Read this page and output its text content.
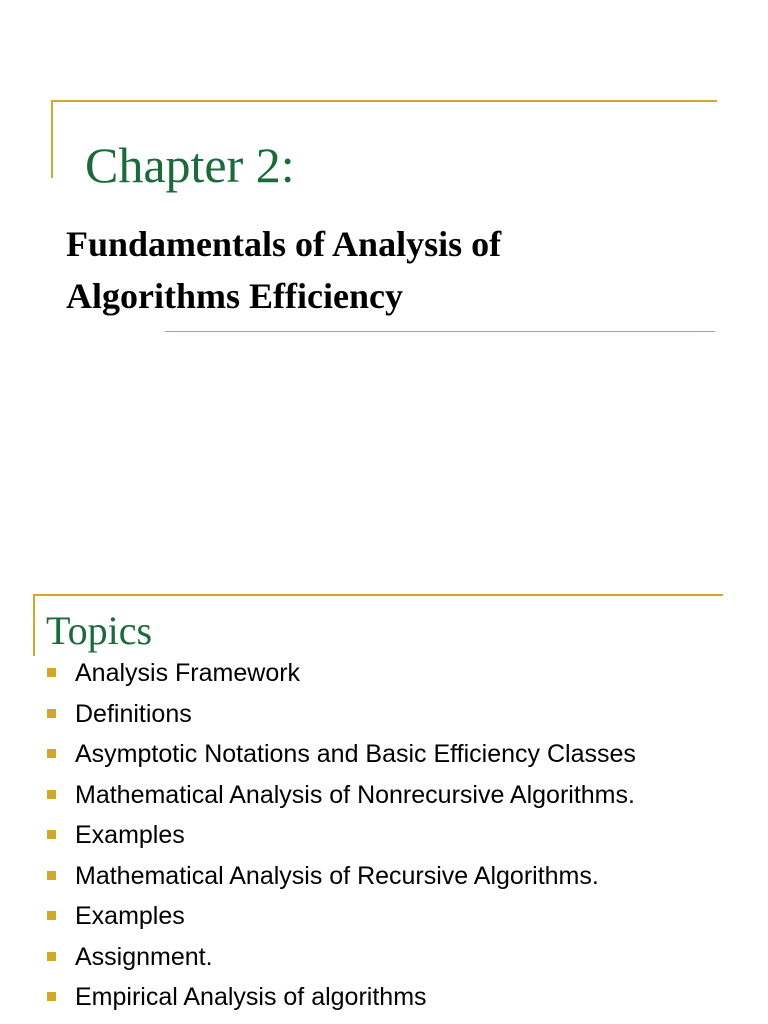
Chapter 2:
Fundamentals of Analysis of
Algorithms Efficiency
Topics
Analysis Framework
Definitions
Asymptotic Notations and Basic Efficiency Classes
Mathematical Analysis of Nonrecursive Algorithms.
Examples
Mathematical Analysis of Recursive Algorithms.
Examples
Assignment.
Empirical Analysis of algorithms
